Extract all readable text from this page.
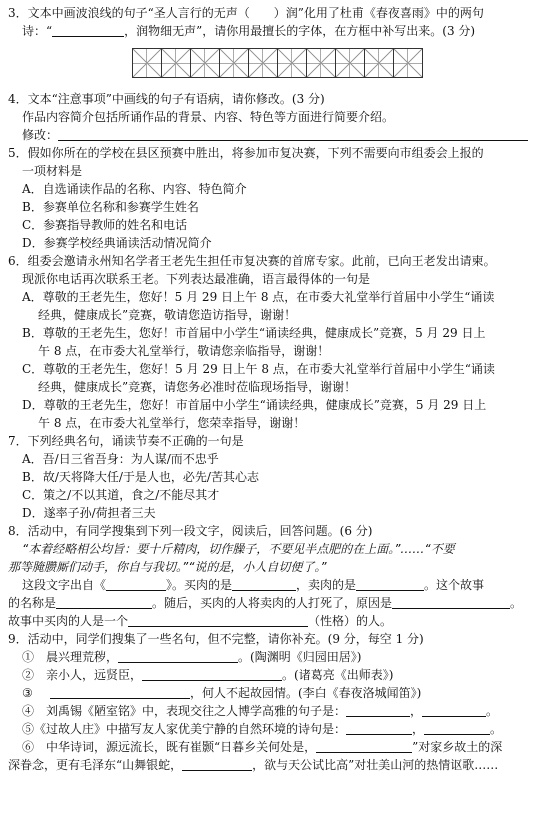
3．文本中画波浪线的句子“圣人言行的无声（　　）润”化用了杜甫《春夜喜雨》中的两句

诗：“	，润物细无声”，请你用最擅长的字体，在方框中补写出来。(3 分)

4．文本“注意事项”中画线的句子有语病，请你修改。(3 分)

作品内容简介包括所诵作品的背景、内容、特色等方面进行简要介绍。

修改：

5．假如你所在的学校在县区预赛中胜出，将参加市复决赛，下列不需要向市组委会上报的

一项材料是

A．自选诵读作品的名称、内容、特色简介

B．参赛单位名称和参赛学生姓名

C．参赛指导教师的姓名和电话

D．参赛学校经典诵读活动情况简介

6．组委会邀请永州知名学者王老先生担任市复决赛的首席专家。此前，已向王老发出请柬。

现派你电话再次联系王老。下列表达最准确，语言最得体的一句是

A．尊敬的王老先生，您好！5 月 29 日上午 8 点，在市委大礼堂举行首届中小学生“诵读

经典，健康成长”竞赛，敬请您造访指导，谢谢！

B．尊敬的王老先生，您好！市首届中小学生“诵读经典，健康成长”竞赛，5 月 29 日上

午 8 点，在市委大礼堂举行，敬请您亲临指导，谢谢！

C．尊敬的王老先生，您好！5 月 29 日上午 8 点，在市委大礼堂举行首届中小学生“诵读

经典，健康成长”竞赛，请您务必准时莅临现场指导，谢谢！

D．尊敬的王老先生，您好！市首届中小学生“诵读经典，健康成长”竞赛，5 月 29 日上

午 8 点，在市委大礼堂举行，您荣幸指导，谢谢！

7．下列经典名句，诵读节奏不正确的一句是

A．吾/日三省吾身：为人谋/而不忠乎

B．故/天将降大任/于是人也，必先/苦其心志

C．策之/不以其道，食之/不能尽其才

D．遂率子孙/荷担者三夫

8．活动中，有同学搜集到下列一段文字，阅读后，回答问题。(6 分)

“本着经略相公均旨：要十斤精肉，切作臊子，不要见半点肥的在上面。”……“不要

那等腌臜厮们动手，你自与我切。”“说的是，小人自切便了。”

这段文字出自《	》。买肉的是	，卖肉的是	。这个故事

的名称是	。随后，买肉的人将卖肉的人打死了，原因是	。

故事中买肉的人是一个	（性格）的人。

9．活动中，同学们搜集了一些名句，但不完整，请你补充。(9 分，每空 1 分)

①　晨兴理荒秽，	。(陶渊明《归园田居》)

②　亲小人，远贤臣，	。(诸葛亮《出师表》)

③	，何人不起故园情。(李白《春夜洛城闻笛》)

④　刘禹锡《陋室铭》中，表现交往之人博学高雅的句子是：	，	。

⑤《过故人庄》中描写友人家优美宁静的自然环境的诗句是：	，	。

⑥　中华诗词，源远流长，既有崔颢“日暮乡关何处是，	”对家乡故土的深

深眷念，更有毛泽东“山舞银蛇，	，欲与天公试比高”对壮美山河的热情讴歌……
